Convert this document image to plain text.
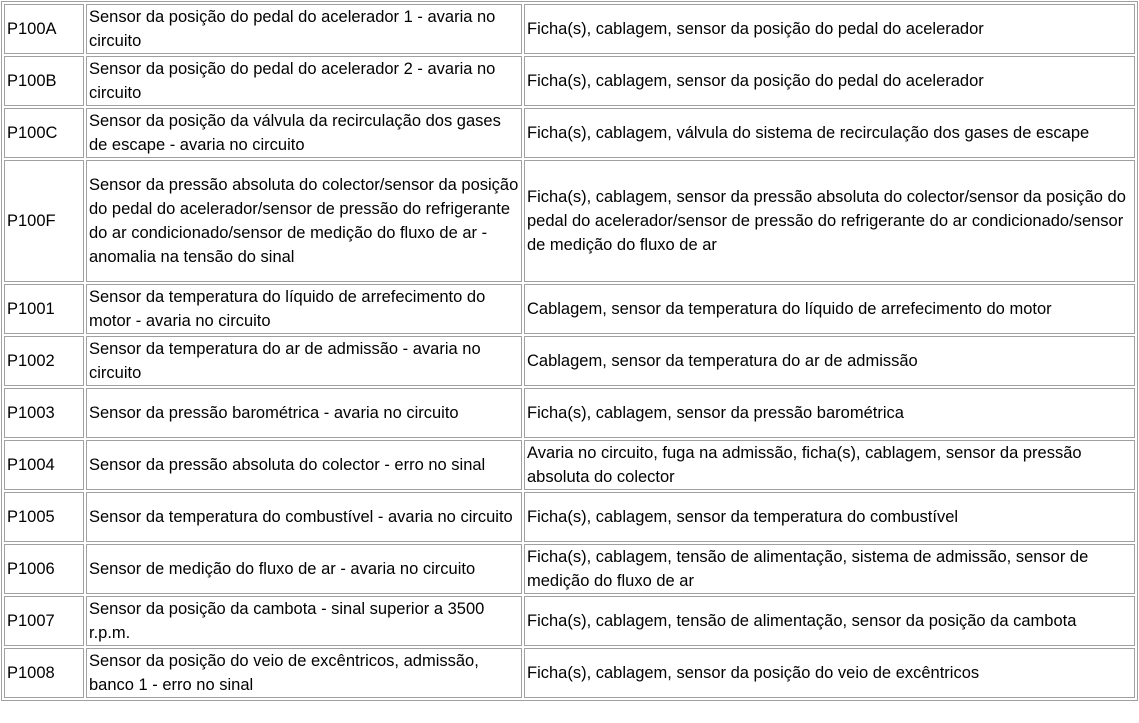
P100A	Sensor da posição do pedal do acelerador 1 - avaria no circuito	Ficha(s), cablagem, sensor da posição do pedal do acelerador
P100B	Sensor da posição do pedal do acelerador 2 - avaria no circuito	Ficha(s), cablagem, sensor da posição do pedal do acelerador
P100C	Sensor da posição da válvula da recirculação dos gases de escape - avaria no circuito	Ficha(s), cablagem, válvula do sistema de recirculação dos gases de escape
P100F	Sensor da pressão absoluta do colector/sensor da posição do pedal do acelerador/sensor de pressão do refrigerante do ar condicionado/sensor de medição do fluxo de ar - anomalia na tensão do sinal	Ficha(s), cablagem, sensor da pressão absoluta do colector/sensor da posição do pedal do acelerador/sensor de pressão do refrigerante do ar condicionado/sensor de medição do fluxo de ar
P1001	Sensor da temperatura do líquido de arrefecimento do motor - avaria no circuito	Cablagem, sensor da temperatura do líquido de arrefecimento do motor
P1002	Sensor da temperatura do ar de admissão - avaria no circuito	Cablagem, sensor da temperatura do ar de admissão
P1003	Sensor da pressão barométrica - avaria no circuito	Ficha(s), cablagem, sensor da pressão barométrica
P1004	Sensor da pressão absoluta do colector - erro no sinal	Avaria no circuito, fuga na admissão, ficha(s), cablagem, sensor da pressão absoluta do colector
P1005	Sensor da temperatura do combustível - avaria no circuito	Ficha(s), cablagem, sensor da temperatura do combustível
P1006	Sensor de medição do fluxo de ar - avaria no circuito	Ficha(s), cablagem, tensão de alimentação, sistema de admissão, sensor de medição do fluxo de ar
P1007	Sensor da posição da cambota - sinal superior a 3500 r.p.m.	Ficha(s), cablagem, tensão de alimentação, sensor da posição da cambota
P1008	Sensor da posição do veio de excêntricos, admissão, banco 1 - erro no sinal	Ficha(s), cablagem, sensor da posição do veio de excêntricos
